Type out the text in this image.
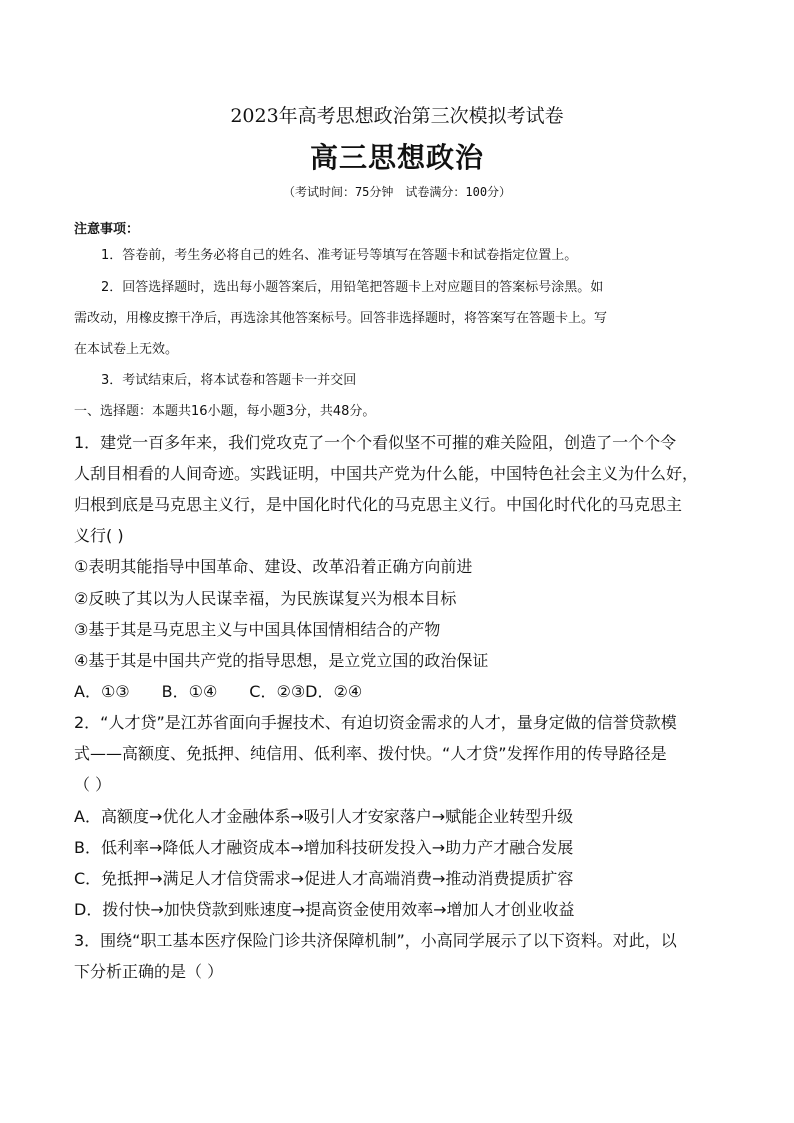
2023年高考思想政治第三次模拟考试卷
高三思想政治
（考试时间：75分钟　试卷满分：100分）
注意事项：
1．答卷前，考生务必将自己的姓名、准考证号等填写在答题卡和试卷指定位置上。
2．回答选择题时，选出每小题答案后，用铅笔把答题卡上对应题目的答案标号涂黑。如
需改动，用橡皮擦干净后，再选涂其他答案标号。回答非选择题时，将答案写在答题卡上。写
在本试卷上无效。
3．考试结束后，将本试卷和答题卡一并交回
一、选择题：本题共16小题，每小题3分，共48分。
1．建党一百多年来，我们党攻克了一个个看似坚不可摧的难关险阻，创造了一个个令
人刮目相看的人间奇迹。实践证明，中国共产党为什么能，中国特色社会主义为什么好，
归根到底是马克思主义行，是中国化时代化的马克思主义行。中国化时代化的马克思主
义行( )
①表明其能指导中国革命、建设、改革沿着正确方向前进
②反映了其以为人民谋幸福，为民族谋复兴为根本目标
③基于其是马克思主义与中国具体国情相结合的产物
④基于其是中国共产党的指导思想，是立党立国的政治保证
A．①③　　B．①④　　C．②③D．②④
2．“人才贷”是江苏省面向手握技术、有迫切资金需求的人才，量身定做的信誉贷款模
式——高额度、免抵押、纯信用、低利率、拨付快。“人才贷”发挥作用的传导路径是
（ ）
A．高额度→优化人才金融体系→吸引人才安家落户→赋能企业转型升级
B．低利率→降低人才融资成本→增加科技研发投入→助力产才融合发展
C．免抵押→满足人才信贷需求→促进人才高端消费→推动消费提质扩容
D．拨付快→加快贷款到账速度→提高资金使用效率→增加人才创业收益
3．围绕“职工基本医疗保险门诊共济保障机制”，小高同学展示了以下资料。对此，以
下分析正确的是（ ）
